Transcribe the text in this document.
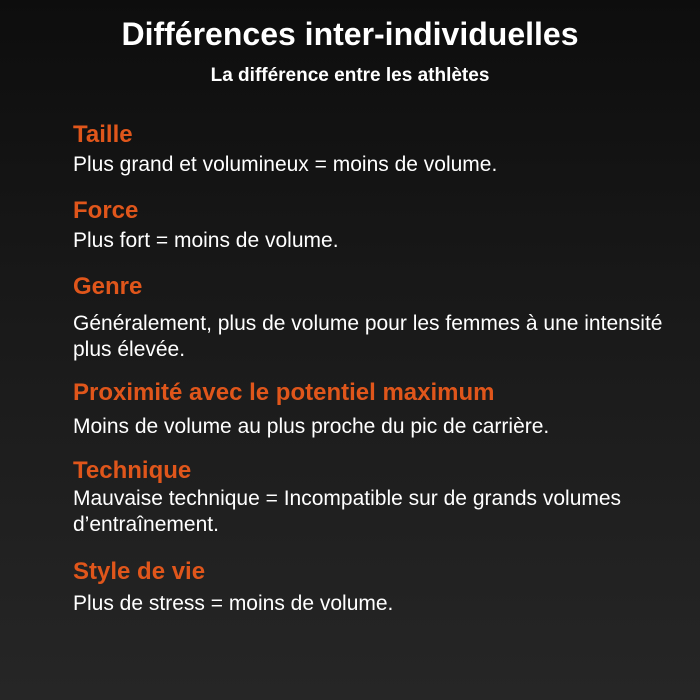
Différences inter-individuelles
La différence entre les athlètes
Taille
Plus grand et volumineux = moins de volume.
Force
Plus fort = moins de volume.
Genre
Généralement, plus de volume pour les femmes à une intensité plus élevée.
Proximité avec le potentiel maximum
Moins de volume au plus proche du pic de carrière.
Technique
Mauvaise technique = Incompatible sur de grands volumes d’entraînement.
Style de vie
Plus de stress = moins de volume.
